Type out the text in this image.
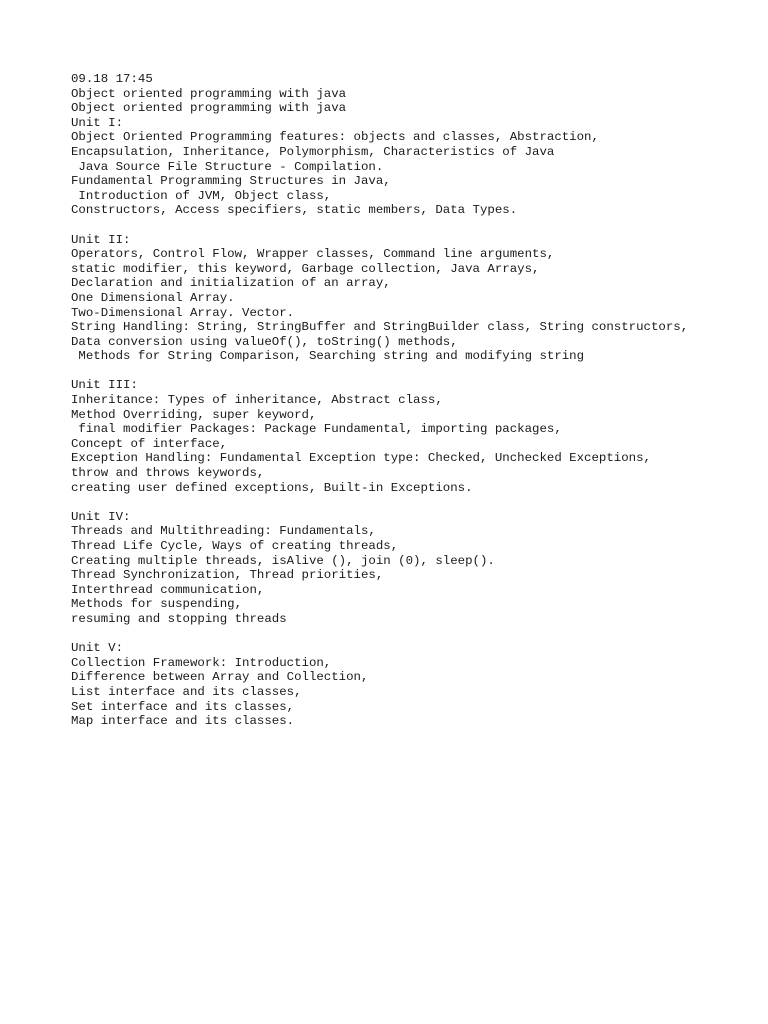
09.18 17:45
Object oriented programming with java
Object oriented programming with java
Unit I:
Object Oriented Programming features: objects and classes, Abstraction,
Encapsulation, Inheritance, Polymorphism, Characteristics of Java
Java Source File Structure - Compilation.
Fundamental Programming Structures in Java,
Introduction of JVM, Object class,
Constructors, Access specifiers, static members, Data Types.
Unit II:
Operators, Control Flow, Wrapper classes, Command line arguments,
static modifier, this keyword, Garbage collection, Java Arrays,
Declaration and initialization of an array,
One Dimensional Array.
Two-Dimensional Array. Vector.
String Handling: String, StringBuffer and StringBuilder class, String constructors,
Data conversion using valueOf(), toString() methods,
Methods for String Comparison, Searching string and modifying string
Unit III:
Inheritance: Types of inheritance, Abstract class,
Method Overriding, super keyword,
final modifier Packages: Package Fundamental, importing packages,
Concept of interface,
Exception Handling: Fundamental Exception type: Checked, Unchecked Exceptions,
throw and throws keywords,
creating user defined exceptions, Built-in Exceptions.
Unit IV:
Threads and Multithreading: Fundamentals,
Thread Life Cycle, Ways of creating threads,
Creating multiple threads, isAlive (), join (0), sleep().
Thread Synchronization, Thread priorities,
Interthread communication,
Methods for suspending,
resuming and stopping threads
Unit V:
Collection Framework: Introduction,
Difference between Array and Collection,
List interface and its classes,
Set interface and its classes,
Map interface and its classes.
